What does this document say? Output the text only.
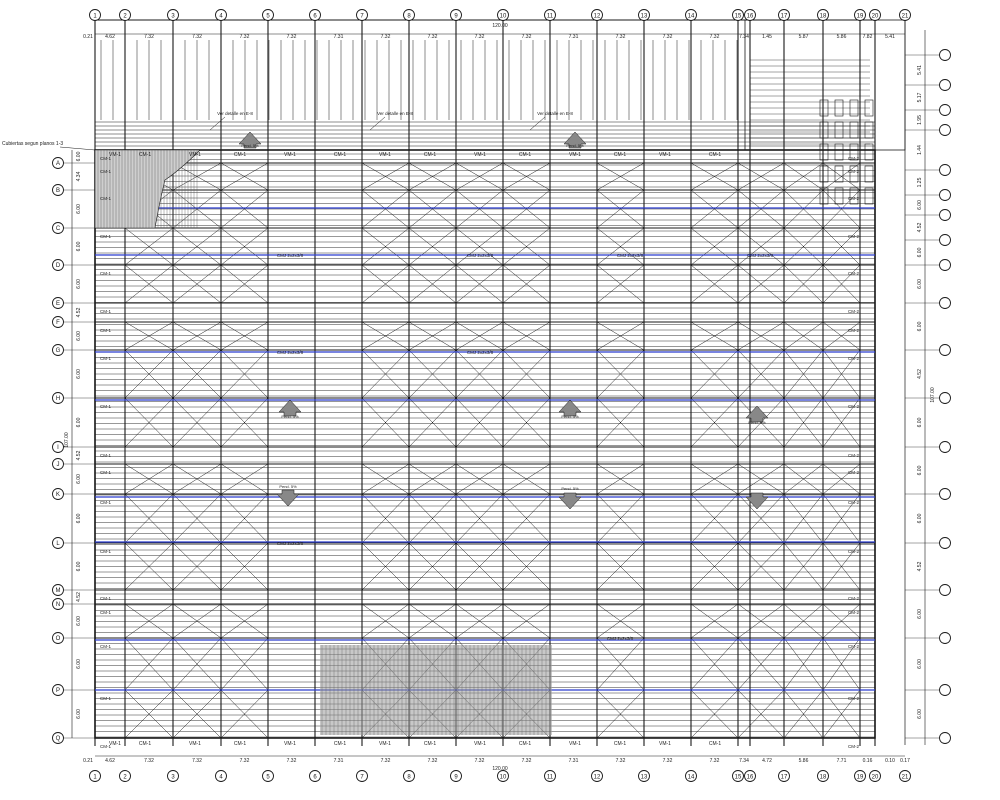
1
1
2
2
3
3
4
4
5
5
6
6
7
7
8
8
9
9
10
10
11
11
12
12
13
13
14
14
15
15
16
16
17
17
18
18
19
19
20
20
21
21
A
B
C
D
E
F
G
H
I
J
K
L
M
N
O
P
Q
Pend. 5%	Pend. 5%
Pend. 5%	Pend. 5%
Pend. 5%
Pend. 5%	Pend. 5%
Ver detalle en E-8	Ver detalle en E-8	Ver detalle en E-8
CMJ 2x2x3/8	CMJ 2x2x3/8	CMJ 2x2x3/8	CMJ 2x2x3/8
CMJ 2x2x3/8	CMJ 2x2x3/8
CMJ 2x2x3/8
CMJ 2x2x3/8
VM-1
VM-1
CM-1
CM-1
VM-1
VM-1
CM-1
CM-1
VM-1
VM-1
CM-1
CM-1
VM-1
VM-1
CM-1
CM-1
VM-1
VM-1
CM-1
CM-1
VM-1
VM-1
CM-1
CM-1
VM-1
VM-1
CM-1
CM-1
CM-1	CM-2
CM-1	CM-2
CM-1	CM-2
CM-1	CM-2
CM-1	CM-2
CM-1	CM-2
CM-1	CM-2
CM-1	CM-2
CM-1	CM-2
CM-1	CM-2
CM-1	CM-2
CM-1	CM-2
CM-1	CM-2
CM-1	CM-2
CM-1	CM-2
CM-1	CM-2
CM-1	CM-2
CM-1	CM-2
120.00
120.00
0.21 4.62	7.32	7.32	7.32	7.32	7.31	7.32	7.32	7.32	7.32	7.31	7.32	7.32	7.32	7.34	1.45	5.87	5.86	7.82	5.41
0.21 4.62	7.32	7.32	7.32	7.32	7.31	7.32	7.32	7.32	7.32	7.31	7.32	7.32	7.32	7.34	4.72	5.86	7.71	0.16	0.10 0.17
6.00
4.34
6.00
6.00
6.00
4.52
6.00
6.00
6.00
4.52
6.00
6.00
6.00
4.52
6.00
6.00
6.00
107.00
5.41
5.17
1.95
1.44
1.25
6.00
4.52
6.00
6.00
6.00
4.52
6.00
6.00
6.00
4.52
6.00
6.00
6.00
107.00
Cubiertas segun planos 1-3
